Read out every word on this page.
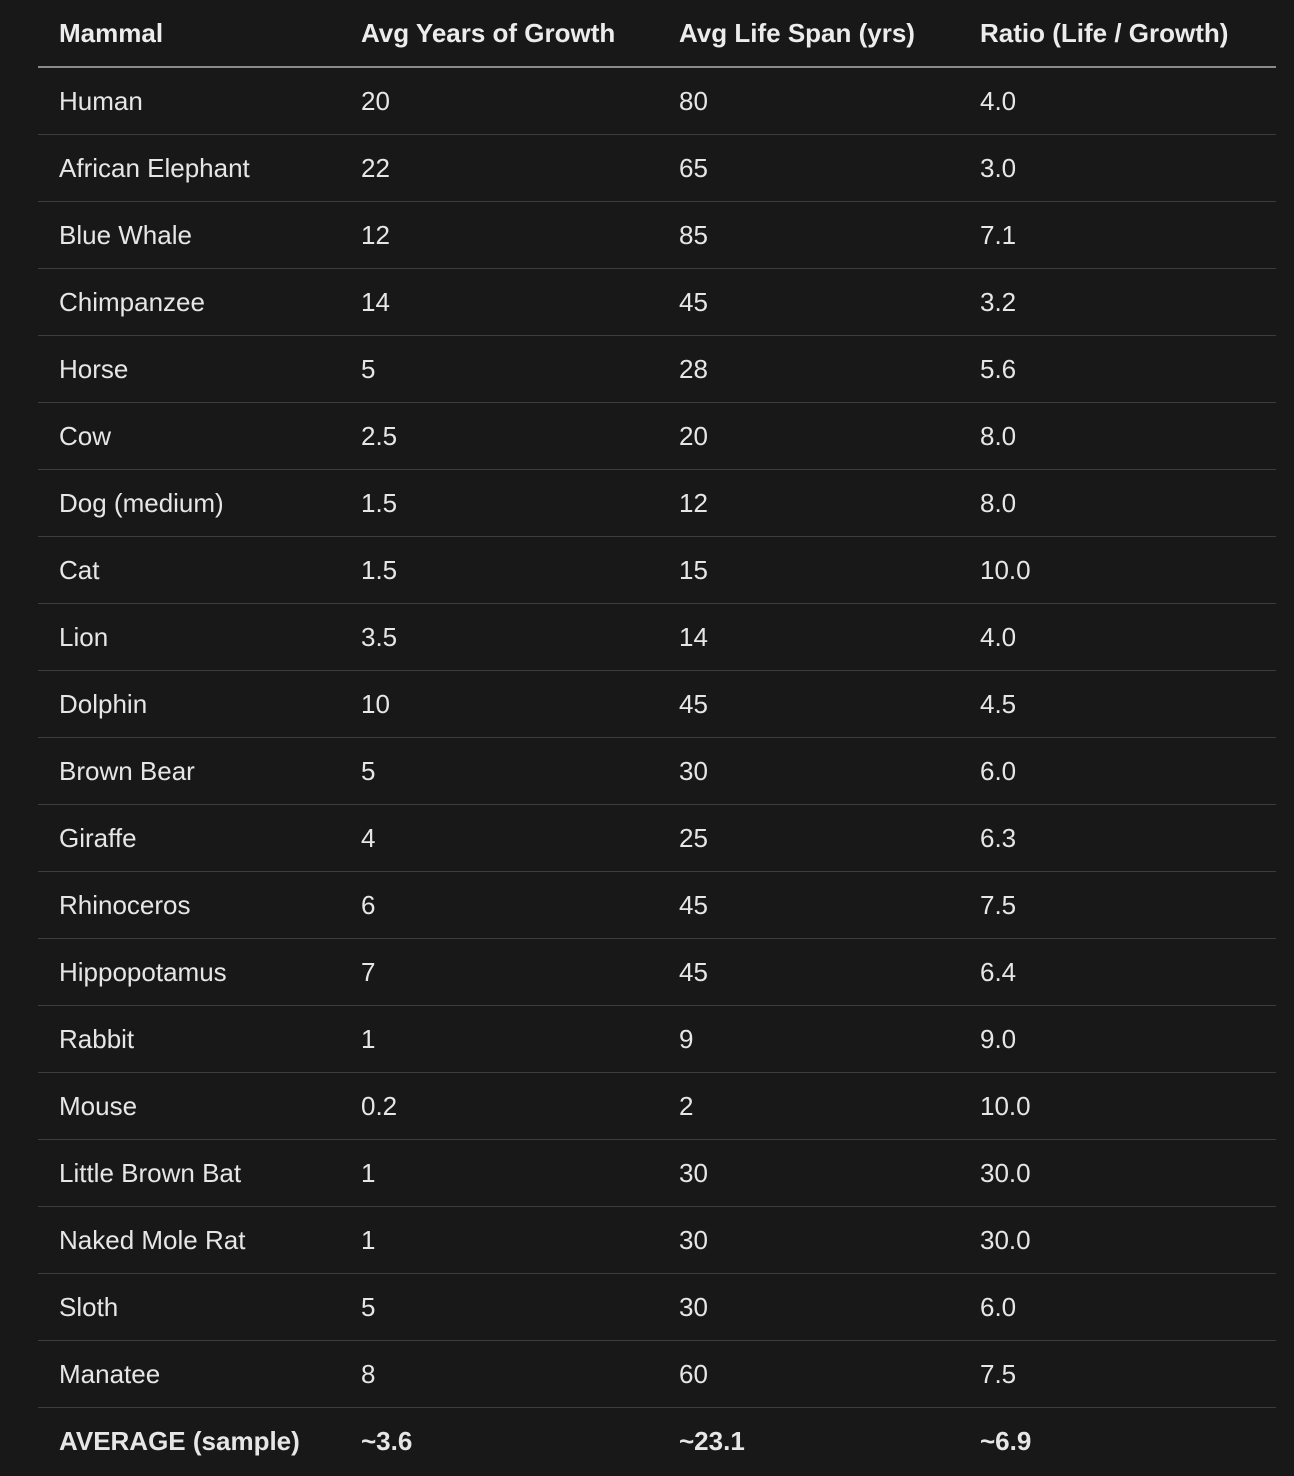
Mammal	Avg Years of Growth	Avg Life Span (yrs)	Ratio (Life / Growth)
Human	20	80	4.0
African Elephant	22	65	3.0
Blue Whale	12	85	7.1
Chimpanzee	14	45	3.2
Horse	5	28	5.6
Cow	2.5	20	8.0
Dog (medium)	1.5	12	8.0
Cat	1.5	15	10.0
Lion	3.5	14	4.0
Dolphin	10	45	4.5
Brown Bear	5	30	6.0
Giraffe	4	25	6.3
Rhinoceros	6	45	7.5
Hippopotamus	7	45	6.4
Rabbit	1	9	9.0
Mouse	0.2	2	10.0
Little Brown Bat	1	30	30.0
Naked Mole Rat	1	30	30.0
Sloth	5	30	6.0
Manatee	8	60	7.5
AVERAGE (sample)	~3.6	~23.1	~6.9
